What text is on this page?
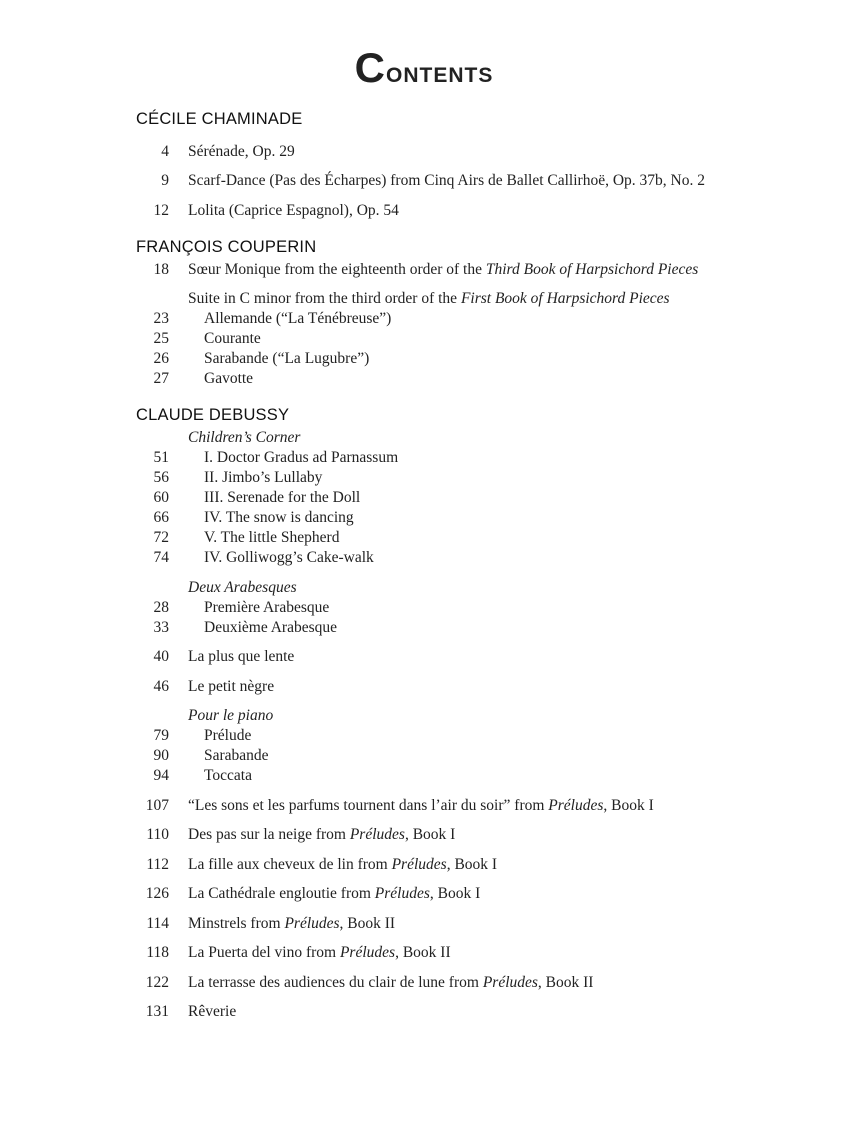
Contents
CÉCILE CHAMINADE
4 Sérénade, Op. 29
9 Scarf-Dance (Pas des Écharpes) from Cinq Airs de Ballet Callirhoë, Op. 37b, No. 2
12 Lolita (Caprice Espagnol), Op. 54
FRANÇOIS COUPERIN
18 Sœur Monique from the eighteenth order of the Third Book of Harpsichord Pieces
Suite in C minor from the third order of the First Book of Harpsichord Pieces
23 Allemande (“La Ténébreuse”)
25 Courante
26 Sarabande (“La Lugubre”)
27 Gavotte
CLAUDE DEBUSSY
Children’s Corner
51 I. Doctor Gradus ad Parnassum
56 II. Jimbo’s Lullaby
60 III. Serenade for the Doll
66 IV. The snow is dancing
72 V. The little Shepherd
74 IV. Golliwogg’s Cake-walk
Deux Arabesques
28 Première Arabesque
33 Deuxième Arabesque
40 La plus que lente
46 Le petit nègre
Pour le piano
79 Prélude
90 Sarabande
94 Toccata
107 “Les sons et les parfums tournent dans l’air du soir” from Préludes, Book I
110 Des pas sur la neige from Préludes, Book I
112 La fille aux cheveux de lin from Préludes, Book I
126 La Cathédrale engloutie from Préludes, Book I
114 Minstrels from Préludes, Book II
118 La Puerta del vino from Préludes, Book II
122 La terrasse des audiences du clair de lune from Préludes, Book II
131 Rêverie
